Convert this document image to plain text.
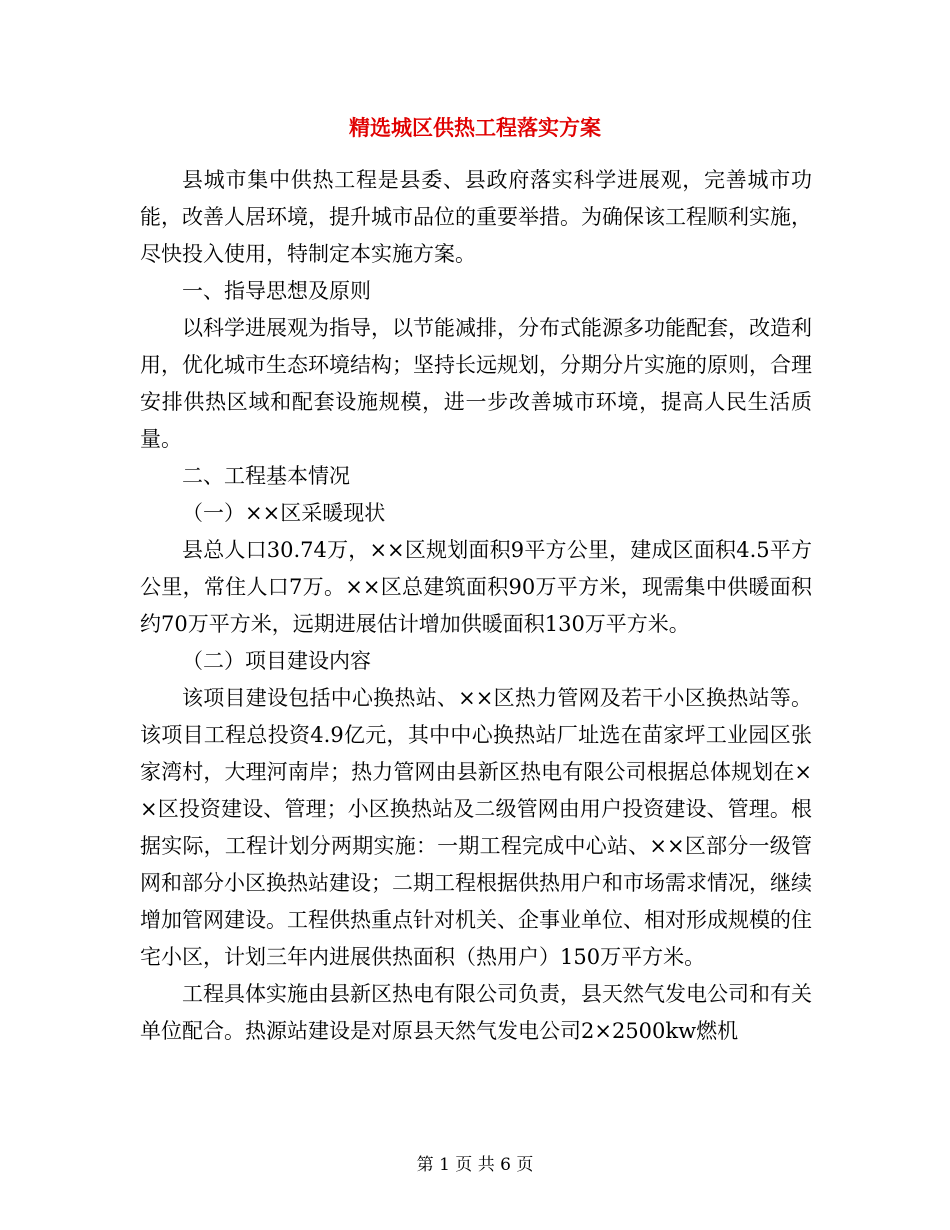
精选城区供热工程落实方案

县城市集中供热工程是县委、县政府落实科学进展观，完善城市功能，改善人居环境，提升城市品位的重要举措。为确保该工程顺利实施，尽快投入使用，特制定本实施方案。

一、指导思想及原则

以科学进展观为指导，以节能减排，分布式能源多功能配套，改造利用，优化城市生态环境结构；坚持长远规划，分期分片实施的原则，合理安排供热区域和配套设施规模，进一步改善城市环境，提高人民生活质量。

二、工程基本情况

（一）××区采暖现状

县总人口30.74万，××区规划面积9平方公里，建成区面积4.5平方公里，常住人口7万。××区总建筑面积90万平方米，现需集中供暖面积约70万平方米，远期进展估计增加供暖面积130万平方米。

（二）项目建设内容

该项目建设包括中心换热站、××区热力管网及若干小区换热站等。该项目工程总投资4.9亿元，其中中心换热站厂址选在苗家坪工业园区张家湾村，大理河南岸；热力管网由县新区热电有限公司根据总体规划在××区投资建设、管理；小区换热站及二级管网由用户投资建设、管理。根据实际，工程计划分两期实施：一期工程完成中心站、××区部分一级管网和部分小区换热站建设；二期工程根据供热用户和市场需求情况，继续增加管网建设。工程供热重点针对机关、企事业单位、相对形成规模的住宅小区，计划三年内进展供热面积（热用户）150万平方米。

工程具体实施由县新区热电有限公司负责，县天然气发电公司和有关单位配合。热源站建设是对原县天然气发电公司2×2500kw燃机

第 1 页 共 6 页
